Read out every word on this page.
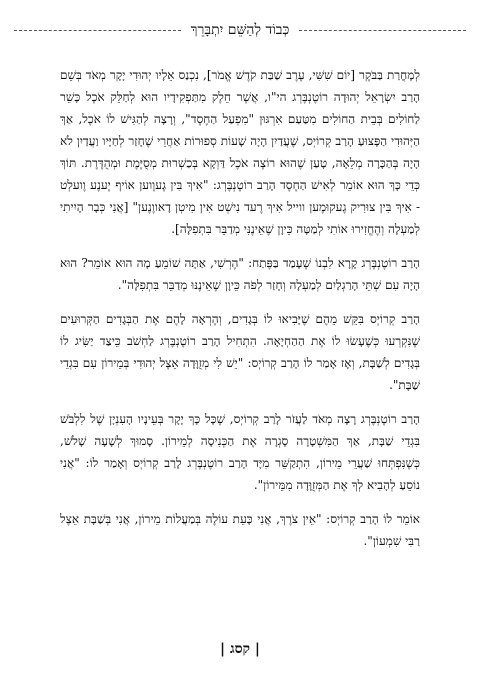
כְּבוֹד לְהַשֵּׁם יִתְבָּרֵךְ

לְמָחֳרַת בַּבֹּקֶר [יוֹם שִׁשִּׁי, עֶרֶב שַׁבַּת קֹדֶשׁ אֱמֹר], נִכְנַס אֵלָיו יְהוּדִי יָקָר מְאֹד בְּשֵׁם הָרַב יִשְׂרָאֵל יְהוּדָה רוֹטֶנְבֶּרְג הי"ו, אֲשֶׁר חֵלֶק מִתַּפְקִידָיו הוּא לְחַלֵּק אֹכֶל כָּשֵׁר לַחוֹלִים בְּבֵית הַחוֹלִים מִטַּעַם אִרְגּוּן "מִפְעַל הַחֶסֶד", וְרָצָה לְהַגִּישׁ לוֹ אֹכֶל, אַךְ הַיְּהוּדִי הַפָּצוּעַ הָרַב קְרוֹיְס, שֶׁעֲדַיִן הָיָה שָׁעוֹת סְפוּרוֹת אַחֲרֵי שֶׁחָזַר לְחַיָּיו וַעֲדַיִן לֹא הָיָה בְּהַכָּרָה מְלֵאָה, טָעַן שֶׁהוּא רוֹצֶה אֹכֶל דַּוְקָא בְּכַשְׁרוּת מְסֻיֶּמֶת וּמְהֻדֶּרֶת. תּוֹךְ כְּדֵי כָּךְ הוּא אוֹמֵר לְאִישׁ הַחֶסֶד הָרַב רוֹטֶנְבֶּרְג: "אִיךְ בִּין גֶעוֶוען אוֹיף יֶענֶע וֶועלְט - אִיךְ בִּין צוּרִיק גֶעקוּמֶען ווייל אִיךְ רֶעד נִישְׁט אִין מִיטְן דָאווֶנֶען" [אֲנִי כְּבָר הָיִיתִי לְמַעְלָה וְהֶחֱזִירוּ אוֹתִי לְמַטָּה כֵּיוָן שֶׁאֵינֶנִּי מְדַבֵּר בִּתְפִלָּה].

הָרַב רוֹטֶנְבֶּרְג קָרָא לִבְנוֹ שֶׁעָמַד בַּפֶּתַח: "הֶרְשִׁי, אַתָּה שׁוֹמֵעַ מָה הוּא אוֹמֵר? הוּא הָיָה עִם שְׁתֵּי הָרַגְלַיִם לְמַעְלָה וְחָזַר לְפֹה כֵּיוָן שֶׁאֵינֶנּוּ מְדַבֵּר בִּתְפִלָּה".

הָרַב קְרוֹיְס בִּקֵּשׁ מֵהֶם שֶׁיָּבִיאוּ לוֹ בְּגָדִים, וְהֶרְאָה לָהֶם אֶת הַבְּגָדִים הַקְּרוּעִים שֶׁנִּקְרְעוּ כְּשֶׁעָשׂוּ לוֹ אֶת הַהַחְיָאָה. הִתְחִיל הָרַב רוֹטֶנְבֶּרְג לַחְשֹׁב כֵּיצַד יַשִּׂיג לוֹ בְּגָדִים לְשַׁבָּת, וְאָז אָמַר לוֹ הָרַב קְרוֹיְס: "יֵשׁ לִי מְזֻוָּדָה אֵצֶל יְהוּדִי בְּמֵירוֹן עִם בִּגְדֵי שַׁבָּת".

הָרַב רוֹטֶנְבֶּרְג רָצָה מְאֹד לַעֲזֹר לָרַב קְרוֹיְס, שֶׁכָּל כָּךְ יָקָר בְּעֵינָיו הָעִנְיָן שֶׁל לִלְבֹּשׁ בִּגְדֵי שַׁבָּת, אַךְ הַמִּשְׁטָרָה סָגְרָה אֶת הַכְּנִיסָה לְמֵירוֹן. סָמוּךְ לְשָׁעָה שָׁלֹשׁ, כְּשֶׁנִּפְתְּחוּ שַׁעֲרֵי מֵירוֹן, הִתְקַשֵּׁר מִיָּד הָרַב רוֹטֶנְבֶּרְג לָרַב קְרוֹיְס וְאָמַר לוֹ: "אֲנִי נוֹסֵעַ לְהָבִיא לְךָ אֶת הַמְּזֻוָּדָה מִמֵּירוֹן".

אוֹמֵר לוֹ הָרַב קְרוֹיְס: "אֵין צֹרֶךְ, אֲנִי כָּעֵת עוֹלֶה בְּמַעֲלוֹת מֵירוֹן, אֲנִי בְּשַׁבָּת אֵצֶל רַבִּי שִׁמְעוֹן".

| קסג |
